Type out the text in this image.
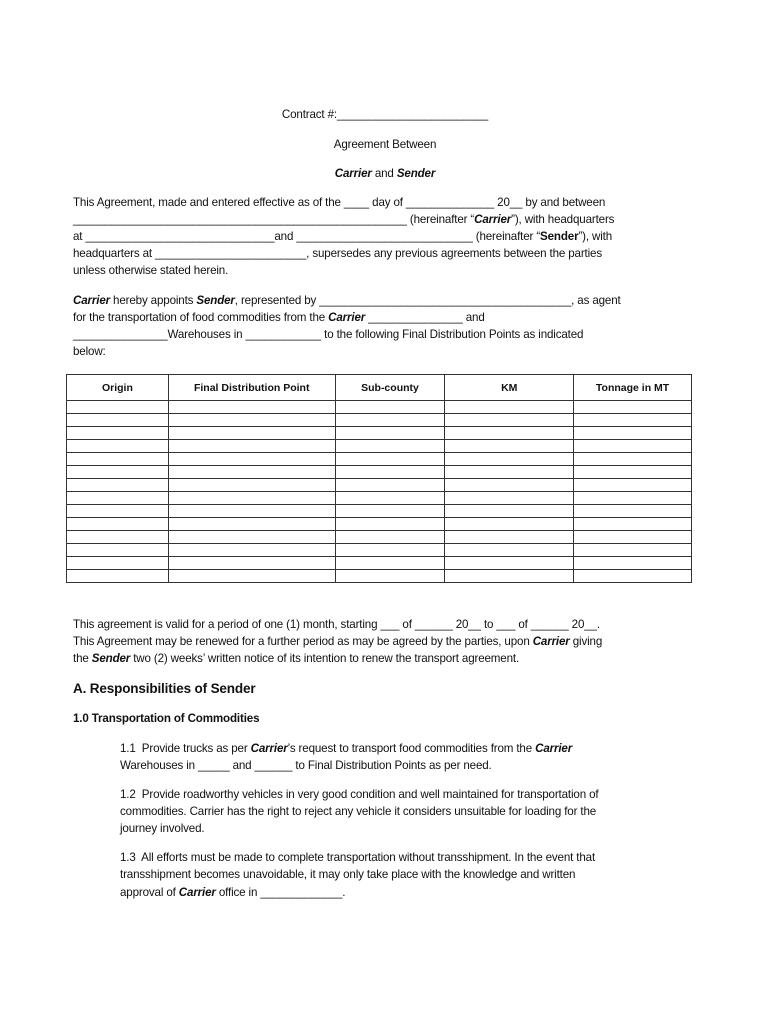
Contract #:________________________
Agreement Between
Carrier and Sender
This Agreement, made and entered effective as of the ____ day of ______________ 20__ by and between
_____________________________________________________ (hereinafter “Carrier”), with headquarters
at ______________________________and ____________________________ (hereinafter “Sender”), with
headquarters at ________________________, supersedes any previous agreements between the parties
unless otherwise stated herein.
Carrier hereby appoints Sender, represented by ________________________________________, as agent
for the transportation of food commodities from the Carrier _______________ and
_______________Warehouses in ____________ to the following Final Distribution Points as indicated
below:
Origin	Final Distribution Point	Sub-county	KM	Tonnage in MT

This agreement is valid for a period of one (1) month, starting ___ of ______ 20__ to ___ of ______ 20__.
This Agreement may be renewed for a further period as may be agreed by the parties, upon Carrier giving
the Sender two (2) weeks’ written notice of its intention to renew the transport agreement.
A. Responsibilities of Sender
1.0 Transportation of Commodities
1.1  Provide trucks as per Carrier’s request to transport food commodities from the Carrier
Warehouses in _____ and ______ to Final Distribution Points as per need.
1.2  Provide roadworthy vehicles in very good condition and well maintained for transportation of
commodities. Carrier has the right to reject any vehicle it considers unsuitable for loading for the
journey involved.
1.3  All efforts must be made to complete transportation without transshipment. In the event that
transshipment becomes unavoidable, it may only take place with the knowledge and written
approval of Carrier office in _____________.
